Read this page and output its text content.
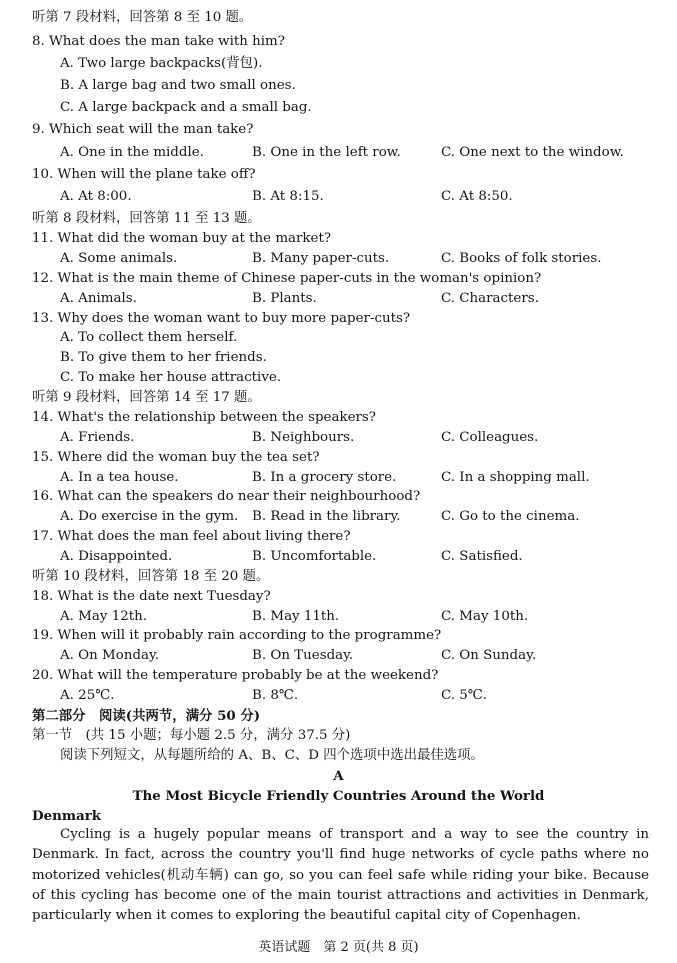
听第 7 段材料，回答第 8 至 10 题。
8. What does the man take with him?
A. Two large backpacks(背包).
B. A large bag and two small ones.
C. A large backpack and a small bag.
9. Which seat will the man take?
A. One in the middle.	B. One in the left row.	C. One next to the window.
10. When will the plane take off?
A. At 8:00.	B. At 8:15.	C. At 8:50.
听第 8 段材料，回答第 11 至 13 题。
11. What did the woman buy at the market?
A. Some animals.	B. Many paper-cuts.	C. Books of folk stories.
12. What is the main theme of Chinese paper-cuts in the woman's opinion?
A. Animals.	B. Plants.	C. Characters.
13. Why does the woman want to buy more paper-cuts?
A. To collect them herself.
B. To give them to her friends.
C. To make her house attractive.
听第 9 段材料，回答第 14 至 17 题。
14. What's the relationship between the speakers?
A. Friends.	B. Neighbours.	C. Colleagues.
15. Where did the woman buy the tea set?
A. In a tea house.	B. In a grocery store.	C. In a shopping mall.
16. What can the speakers do near their neighbourhood?
A. Do exercise in the gym. B. Read in the library.	C. Go to the cinema.
17. What does the man feel about living there?
A. Disappointed.	B. Uncomfortable.	C. Satisfied.
听第 10 段材料，回答第 18 至 20 题。
18. What is the date next Tuesday?
A. May 12th.	B. May 11th.	C. May 10th.
19. When will it probably rain according to the programme?
A. On Monday.	B. On Tuesday.	C. On Sunday.
20. What will the temperature probably be at the weekend?
A. 25℃.	B. 8℃.	C. 5℃.
第二部分　阅读(共两节，满分 50 分)
第一节　(共 15 小题；每小题 2.5 分，满分 37.5 分)
阅读下列短文，从每题所给的 A、B、C、D 四个选项中选出最佳选项。
A
The Most Bicycle Friendly Countries Around the World
Denmark

Cycling is a hugely popular means of transport and a way to see the country in Denmark. In fact, across the country you'll find huge networks of cycle paths where no motorized vehicles(机动车辆) can go, so you can feel safe while riding your bike. Because of this cycling has become one of the main tourist attractions and activities in Denmark, particularly when it comes to exploring the beautiful capital city of Copenhagen.

英语试题　第 2 页(共 8 页)
